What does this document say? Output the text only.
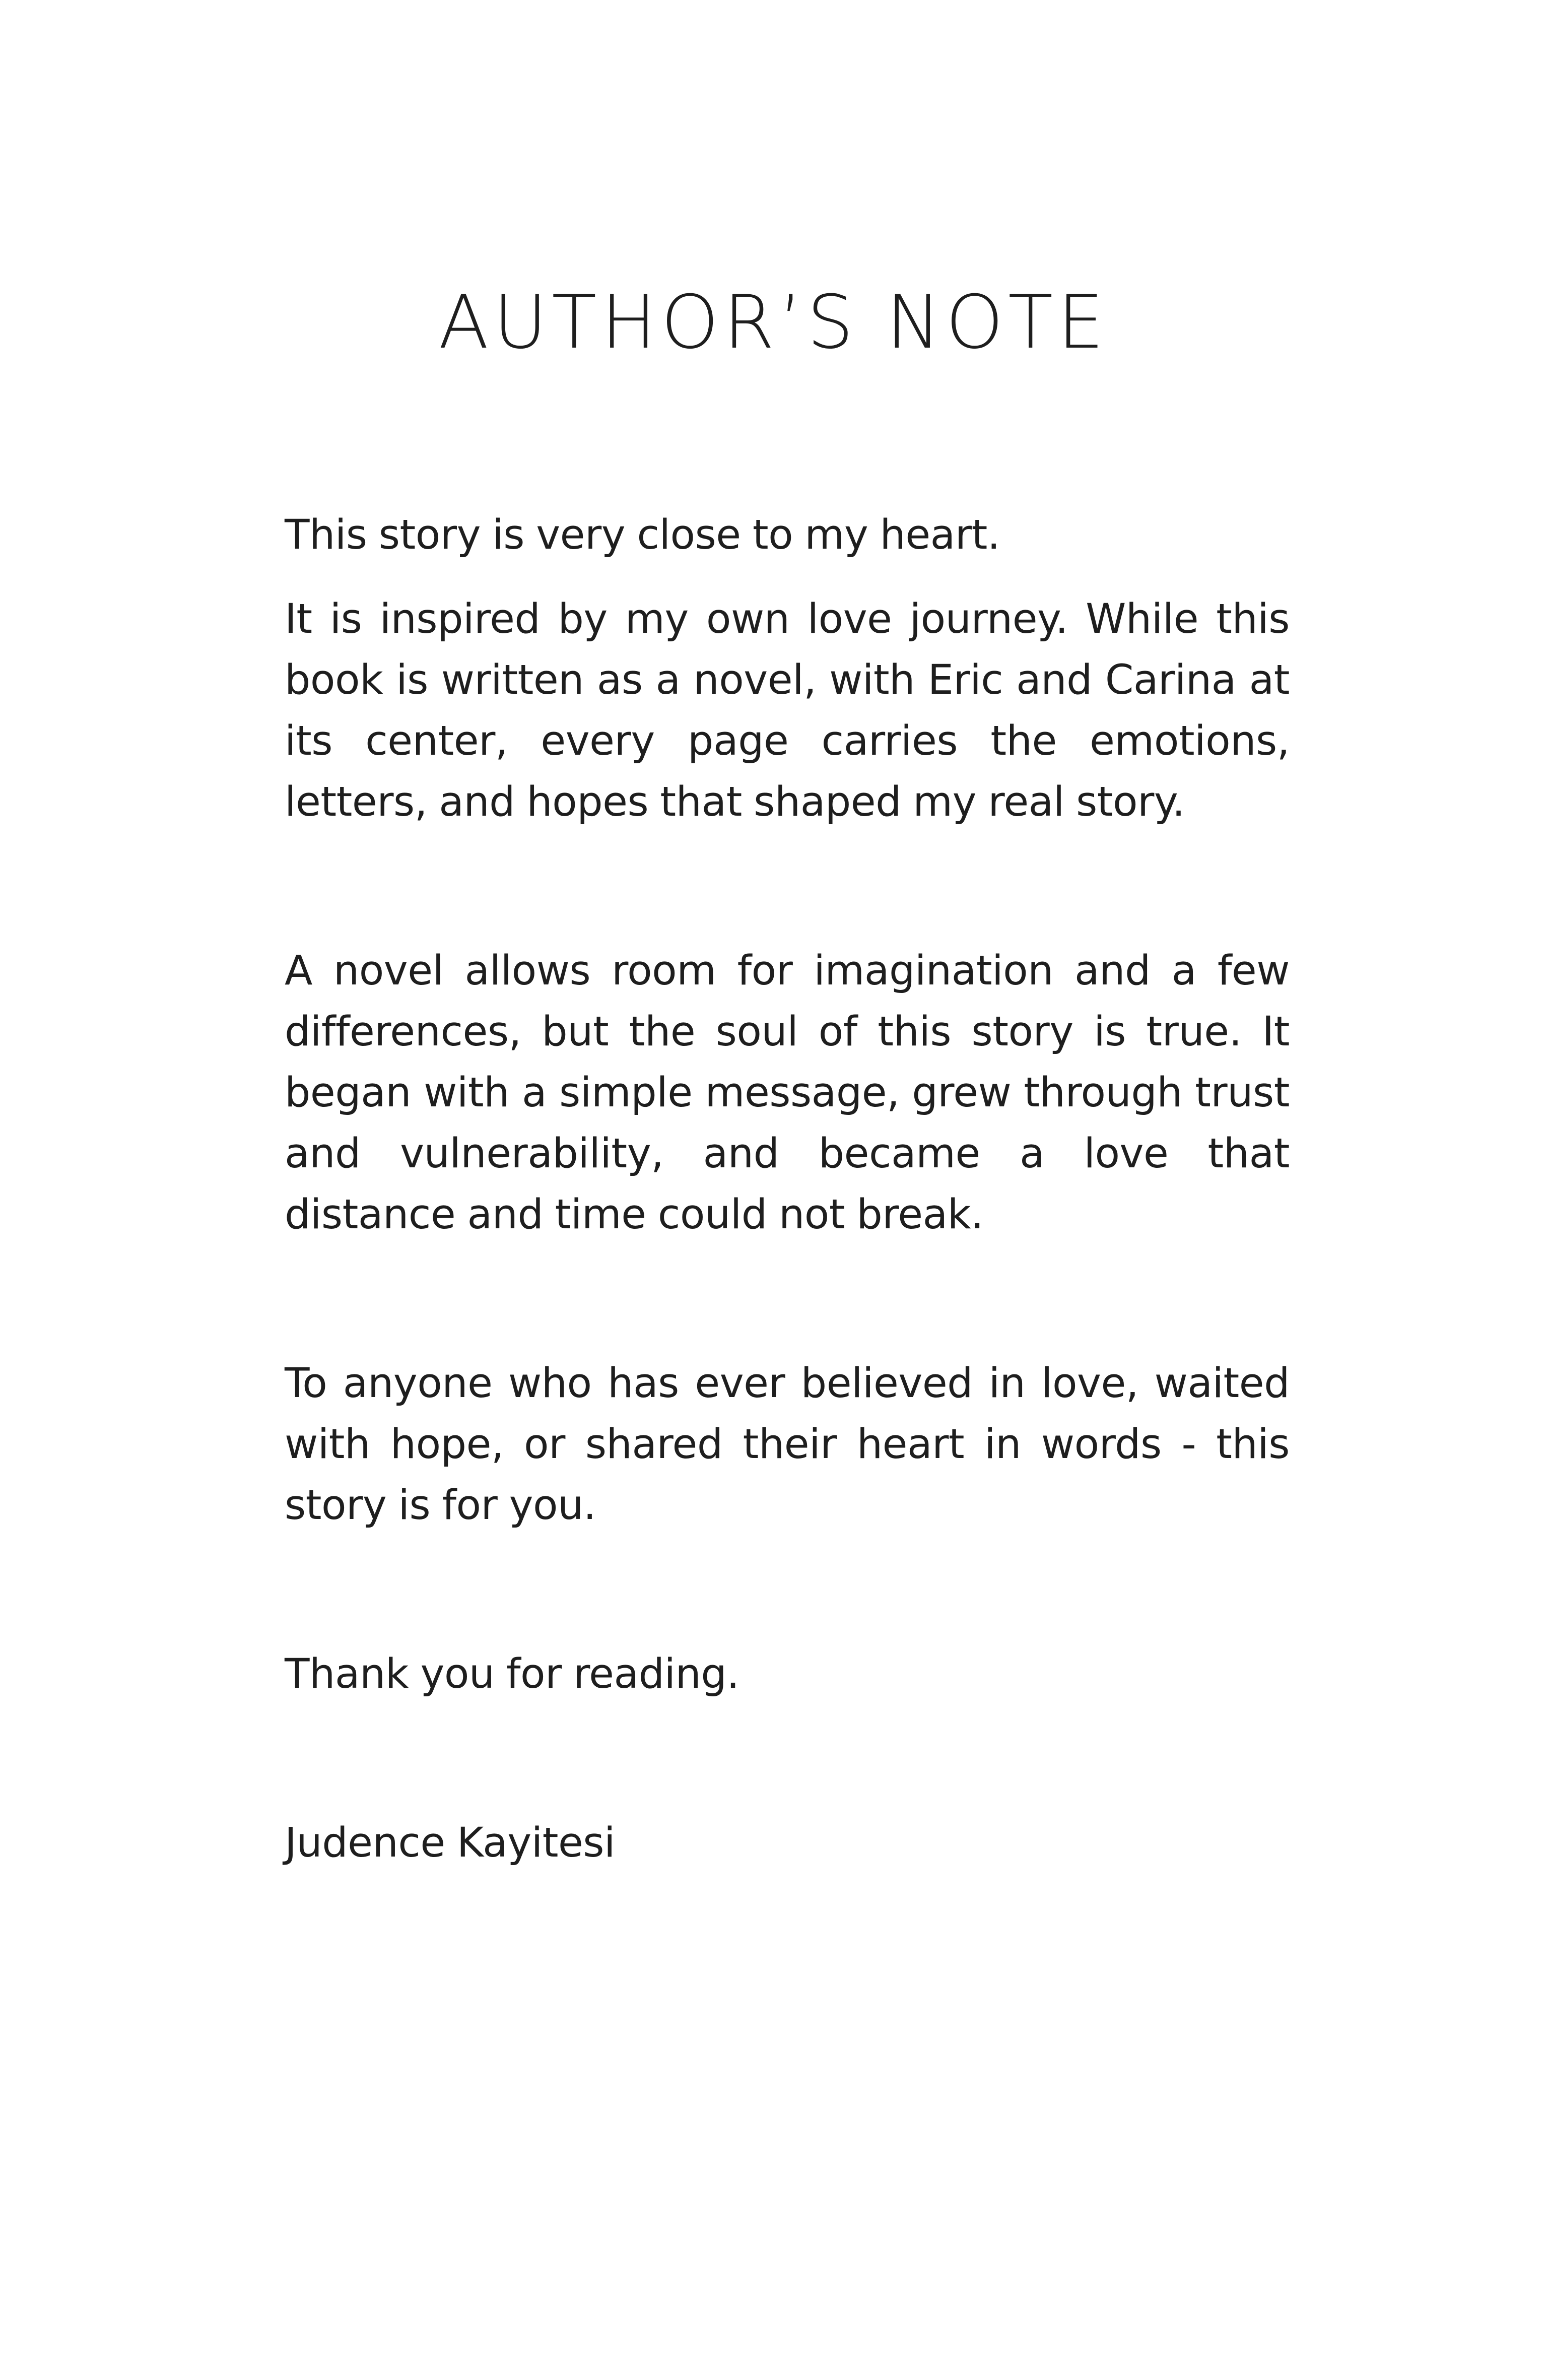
AUTHOR’S NOTE

This story is very close to my heart.

It is inspired by my own love journey. While this book is written as a novel, with Eric and Carina at its center, every page carries the emotions, letters, and hopes that shaped my real story.

A novel allows room for imagination and a few differences, but the soul of this story is true. It began with a simple message, grew through trust and vulnerability, and became a love that distance and time could not break.

To anyone who has ever believed in love, waited with hope, or shared their heart in words - this story is for you.

Thank you for reading.

Judence Kayitesi
